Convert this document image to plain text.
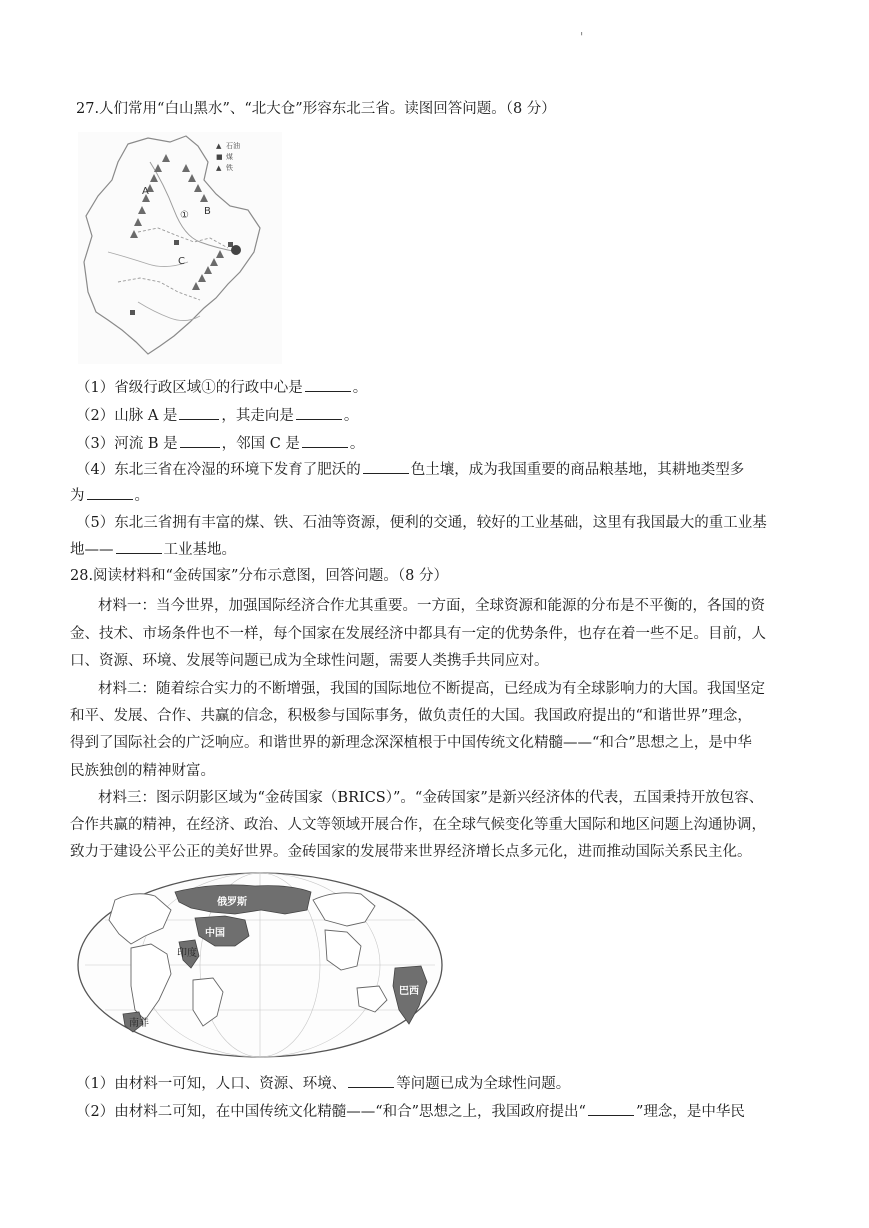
'
27.人们常用“白山黑水”、“北大仓”形容东北三省。读图回答问题。（8 分）
▲ 石油
■ 煤
▲ 铁
①
A
B
C
（1）省级行政区域①的行政中心是	。
（2）山脉 A 是	，其走向是	。
（3）河流 B 是	，邻国 C 是	。
（4）东北三省在冷湿的环境下发育了肥沃的	色土壤，成为我国重要的商品粮基地，其耕地类型多
为	。
（5）东北三省拥有丰富的煤、铁、石油等资源，便利的交通，较好的工业基础，这里有我国最大的重工业基
地——	工业基地。
28.阅读材料和“金砖国家”分布示意图，回答问题。（8 分）
材料一：当今世界，加强国际经济合作尤其重要。一方面，全球资源和能源的分布是不平衡的，各国的资
金、技术、市场条件也不一样，每个国家在发展经济中都具有一定的优势条件，也存在着一些不足。目前，人
口、资源、环境、发展等问题已成为全球性问题，需要人类携手共同应对。
材料二：随着综合实力的不断增强，我国的国际地位不断提高，已经成为有全球影响力的大国。我国坚定
和平、发展、合作、共赢的信念，积极参与国际事务，做负责任的大国。我国政府提出的“和谐世界”理念，
得到了国际社会的广泛响应。和谐世界的新理念深深植根于中国传统文化精髓——“和合”思想之上，是中华
民族独创的精神财富。
材料三：图示阴影区域为“金砖国家（BRICS）”。“金砖国家”是新兴经济体的代表，五国秉持开放包容、
合作共赢的精神，在经济、政治、人文等领域开展合作，在全球气候变化等重大国际和地区问题上沟通协调，
致力于建设公平公正的美好世界。金砖国家的发展带来世界经济增长点多元化，进而推动国际关系民主化。
俄罗斯
中国
巴西
印度
南非
（1）由材料一可知，人口、资源、环境、	等问题已成为全球性问题。
（2）由材料二可知，在中国传统文化精髓——“和合”思想之上，我国政府提出“	”理念，是中华民
